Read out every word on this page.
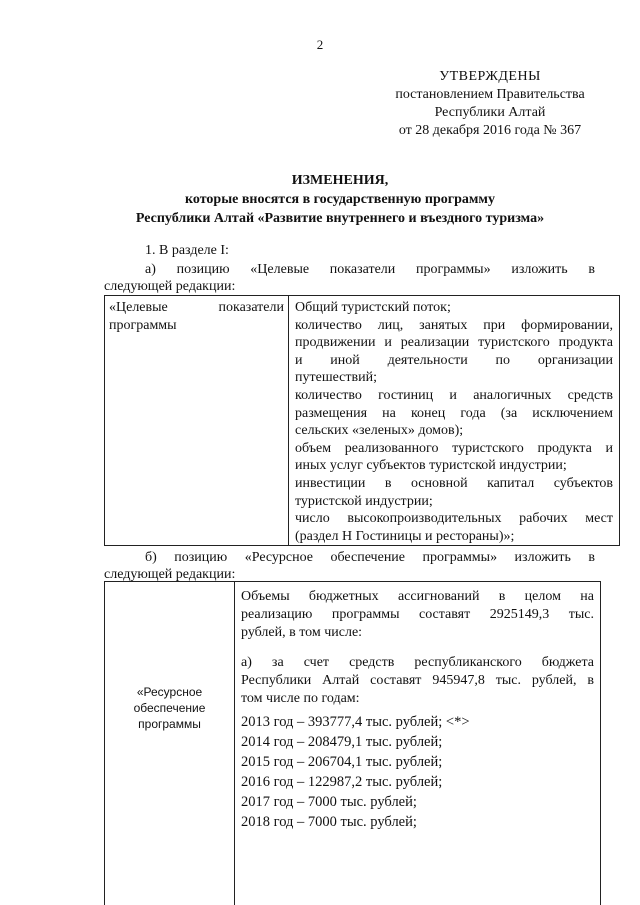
2
УТВЕРЖДЕНЫ
постановлением Правительства
Республики Алтай
от 28 декабря 2016 года № 367
ИЗМЕНЕНИЯ,
которые вносятся в государственную программу
Республики Алтай «Развитие внутреннего и въездного туризма»
1. В разделе I:
а) позицию «Целевые показатели программы» изложить в
следующей редакции:
«Целевые показатели
программы
Общий туристский поток;
количество лиц, занятых при формировании,
продвижении и реализации туристского продукта
и иной деятельности по организации
путешествий;
количество гостиниц и аналогичных средств
размещения на конец года (за исключением
сельских «зеленых» домов);
объем реализованного туристского продукта и
иных услуг субъектов туристской индустрии;
инвестиции в основной капитал субъектов
туристской индустрии;
число высокопроизводительных рабочих мест
(раздел H Гостиницы и рестораны)»;
б) позицию «Ресурсное обеспечение программы» изложить в
следующей редакции:
«Ресурсное
обеспечение
программы
Объемы бюджетных ассигнований в целом на
реализацию программы составят 2925149,3 тыс.
рублей, в том числе:
а) за счет средств республиканского бюджета
Республики Алтай составят 945947,8 тыс. рублей, в
том числе по годам:
2013 год – 393777,4 тыс. рублей; <*>
2014 год – 208479,1 тыс. рублей;
2015 год – 206704,1 тыс. рублей;
2016 год – 122987,2 тыс. рублей;
2017 год – 7000 тыс. рублей;
2018 год – 7000 тыс. рублей;
